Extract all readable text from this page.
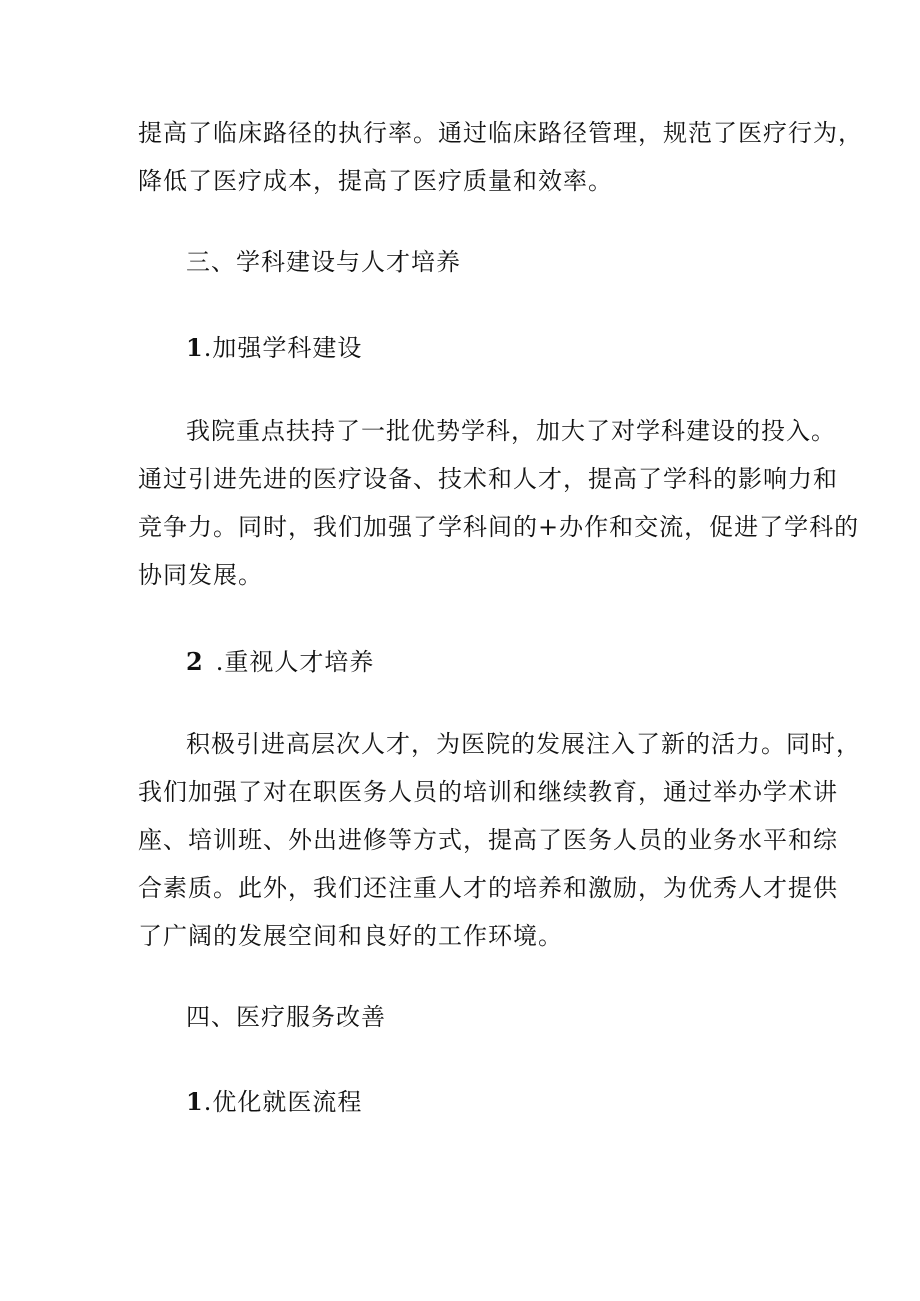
提高了临床路径的执行率。通过临床路径管理，规范了医疗行为，
降低了医疗成本，提高了医疗质量和效率。
三、学科建设与人才培养
1.加强学科建设
我院重点扶持了一批优势学科，加大了对学科建设的投入。
通过引进先进的医疗设备、技术和人才，提高了学科的影响力和
竞争力。同时，我们加强了学科间的+办作和交流，促进了学科的
协同发展。
2 .重视人才培养
积极引进高层次人才，为医院的发展注入了新的活力。同时，
我们加强了对在职医务人员的培训和继续教育，通过举办学术讲
座、培训班、外出进修等方式，提高了医务人员的业务水平和综
合素质。此外，我们还注重人才的培养和激励，为优秀人才提供
了广阔的发展空间和良好的工作环境。
四、医疗服务改善
1.优化就医流程
